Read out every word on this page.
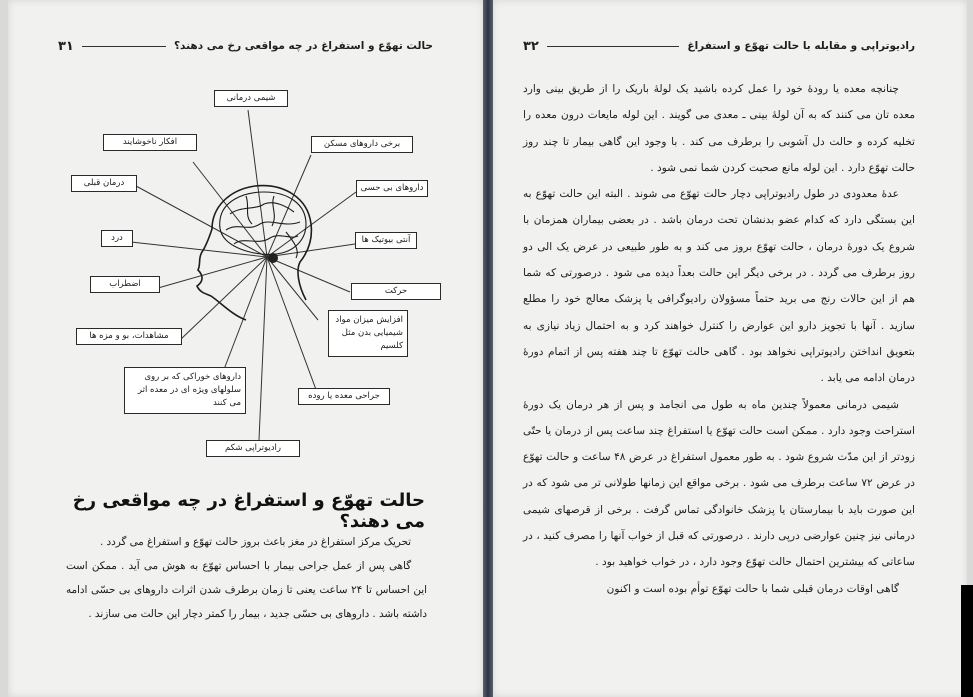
حالت تهوّع و استفراغ در چه مواقعی رخ می دهند؟
۳۱
شیمی درمانی
برخی داروهای مسکن
افکار ناخوشایند
درمان قبلی	داروهای بی حسی
درد	آنتی بیوتیک ها
اضطراب
حرکت
افزایش میزان مواد شیمیایی بدن مثل کلسیم
مشاهدات، بو و مزه ها
داروهای خوراکی که بر روی سلولهای ویژه ای در معده اثر می کنند
جراحی معده یا روده
رادیوتراپی شکم
حالت تهوّع و استفراغ در چه مواقعی رخ می دهند؟

تحریک مرکز استفراغ در مغز باعث بروز حالت تهوّع و استفراغ می گردد .

گاهی پس از عمل جراحی بیمار با احساس تهوّع به هوش می آید . ممکن است این احساس تا ۲۴ ساعت یعنی تا زمان برطرف شدن اثرات داروهای بی حسّی ادامه داشته باشد . داروهای بی حسّی جدید ، بیمار را کمتر دچار این حالت می سازند .

رادیوتراپی و مقابله با حالت تهوّع و استفراغ
۳۲

چنانچه معده یا رودهٔ خود را عمل کرده باشید یک لولهٔ باریک را از طریق بینی وارد معده تان می کنند که به آن لولهٔ بینی ـ معدی می گویند . این لوله مایعات درون معده را تخلیه کرده و حالت دل آشوبی را برطرف می کند . با وجود این گاهی بیمار تا چند روز حالت تهوّع دارد . این لوله مانع صحبت کردن شما نمی شود .

عدهٔ معدودی در طول رادیوتراپی دچار حالت تهوّع می شوند . البته این حالت تهوّع به این بستگی دارد که کدام عضو بدنشان تحت درمان باشد . در بعضی بیماران همزمان با شروع یک دورهٔ درمان ، حالت تهوّع بروز می کند و به طور طبیعی در عرض یک الی دو روز برطرف می گردد . در برخی دیگر این حالت بعداً دیده می شود . درصورتی که شما هم از این حالات رنج می برید حتماً مسؤولان رادیوگرافی یا پزشک معالج خود را مطلع سازید . آنها با تجویز دارو این عوارض را کنترل خواهند کرد و به احتمال زیاد نیازی به بتعویق انداختن رادیوتراپی نخواهد بود . گاهی حالت تهوّع تا چند هفته پس از اتمام دورهٔ درمان ادامه می یابد .

شیمی درمانی معمولاً چندین ماه به طول می انجامد و پس از هر درمان یک دورهٔ استراحت وجود دارد . ممکن است حالت تهوّع یا استفراغ چند ساعت پس از درمان یا حتّی زودتر از این مدّت شروع شود . به طور معمول استفراغ در عرض ۴۸ ساعت و حالت تهوّع در عرض ۷۲ ساعت برطرف می شود . برخی مواقع این زمانها طولانی تر می شود که در این صورت باید با بیمارستان یا پزشک خانوادگی تماس گرفت . برخی از قرصهای شیمی درمانی نیز چنین عوارضی درپی دارند . درصورتی که قبل از خواب آنها را مصرف کنید ، در ساعاتی که بیشترین احتمال حالت تهوّع وجود دارد ، در خواب خواهید بود .

گاهی اوقات درمان قبلی شما با حالت تهوّع توأم بوده است و اکنون
